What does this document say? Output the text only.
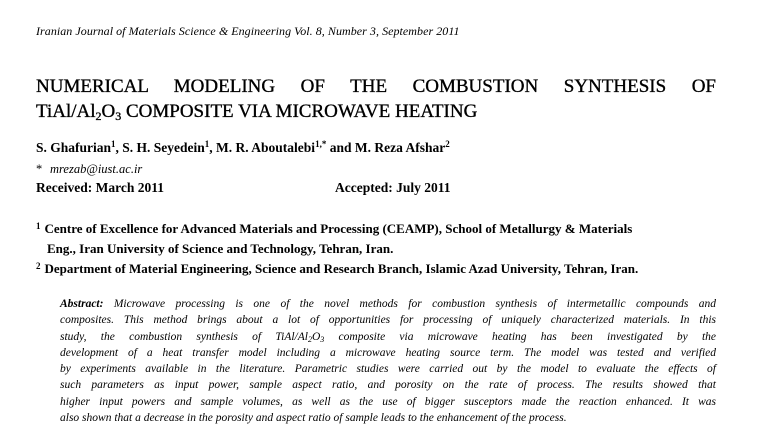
Iranian Journal of Materials Science & Engineering Vol. 8, Number 3, September 2011
NUMERICAL MODELING OF THE COMBUSTION SYNTHESIS OF
TiAl/$Al_2O_3$ COMPOSITE VIA MICROWAVE HEATING
S. Ghafurian$^1$, S. H. Seyedein$^1$, M. R. Aboutalebi$^{1,*}$ and M. Reza Afshar$^2$
* mrezab@iust.ac.ir
Received: March 2011	Accepted: July 2011
$^1$ Centre of Excellence for Advanced Materials and Processing (CEAMP), School of Metallurgy & Materials
Eng., Iran University of Science and Technology, Tehran, Iran.
$^2$ Department of Material Engineering, Science and Research Branch, Islamic Azad University, Tehran, Iran.
Abstract: Microwave processing is one of the novel methods for combustion synthesis of intermetallic compounds and
composites. This method brings about a lot of opportunities for processing of uniquely characterized materials. In this
study, the combustion synthesis of TiAl/$Al_2O_3$ composite via microwave heating has been investigated by the
development of a heat transfer model including a microwave heating source term. The model was tested and verified
by experiments available in the literature. Parametric studies were carried out by the model to evaluate the effects of
such parameters as input power, sample aspect ratio, and porosity on the rate of process. The results showed that
higher input powers and sample volumes, as well as the use of bigger susceptors made the reaction enhanced. It was
also shown that a decrease in the porosity and aspect ratio of sample leads to the enhancement of the process.
